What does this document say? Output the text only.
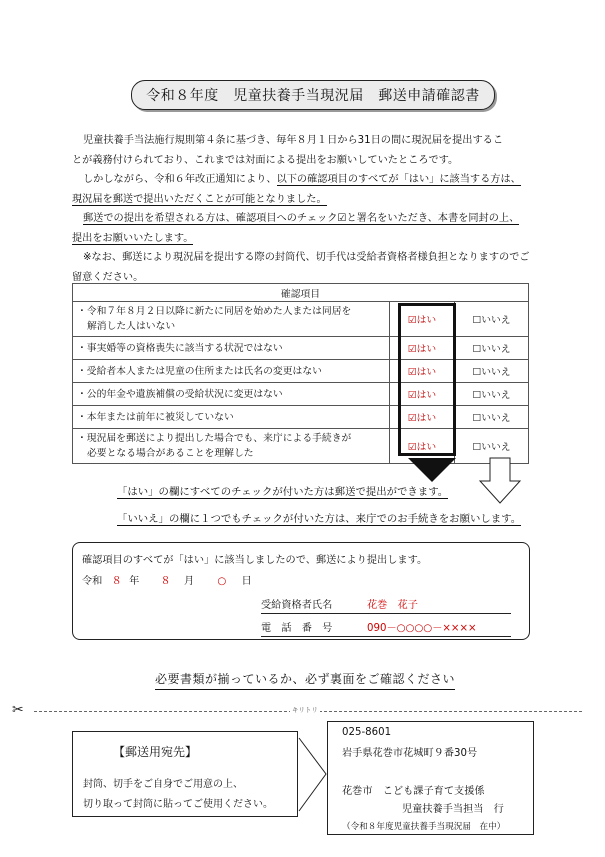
令和８年度　児童扶養手当現況届　郵送申請確認書

児童扶養手当法施行規則第４条に基づき、毎年８月１日から31日の間に現況届を提出するこ

とが義務付けられており、これまでは対面による提出をお願いしていたところです。

しかしながら、令和６年改正通知により、以下の確認項目のすべてが「はい」に該当する方は、

現況届を郵送で提出いただくことが可能となりました。

郵送での提出を希望される方は、確認項目へのチェック☑と署名をいただき、本書を同封の上、

提出をお願いいたします。

※なお、郵送により現況届を提出する際の封筒代、切手代は受給者資格者様負担となりますのでご

留意ください。

確認項目		

・令和７年８月２日以降に新たに同居を始めた人または同居を
解消した人はいない	☑はい	☐いいえ
・事実婚等の資格喪失に該当する状況ではない	☑はい	☐いいえ
・受給者本人または児童の住所または氏名の変更はない	☑はい	☐いいえ
・公的年金や遺族補償の受給状況に変更はない	☑はい	☐いいえ
・本年または前年に被災していない	☑はい	☐いいえ

・現況届を郵送により提出した場合でも、来庁による手続きが
必要となる場合があることを理解した	☑はい	☐いいえ
「はい」の欄にすべてのチェックが付いた方は郵送で提出ができます。
「いいえ」の欄に１つでもチェックが付いた方は、来庁でのお手続きをお願いします。
確認項目のすべてが「はい」に該当しましたので、郵送により提出します。
令和 ８ 年 ８ 月 ○ 日
受給資格者氏名	花巻　花子
電　話　番　号	090－○○○○－××××
必要書類が揃っているか、必ず裏面をご確認ください
✂	キリトリ
【郵送用宛先】
封筒、切手をご自身でご用意の上、
切り取って封筒に貼ってご使用ください。
025-8601
岩手県花巻市花城町９番30号
花巻市　こども課子育て支援係
児童扶養手当担当　行
（令和８年度児童扶養手当現況届　在中）
